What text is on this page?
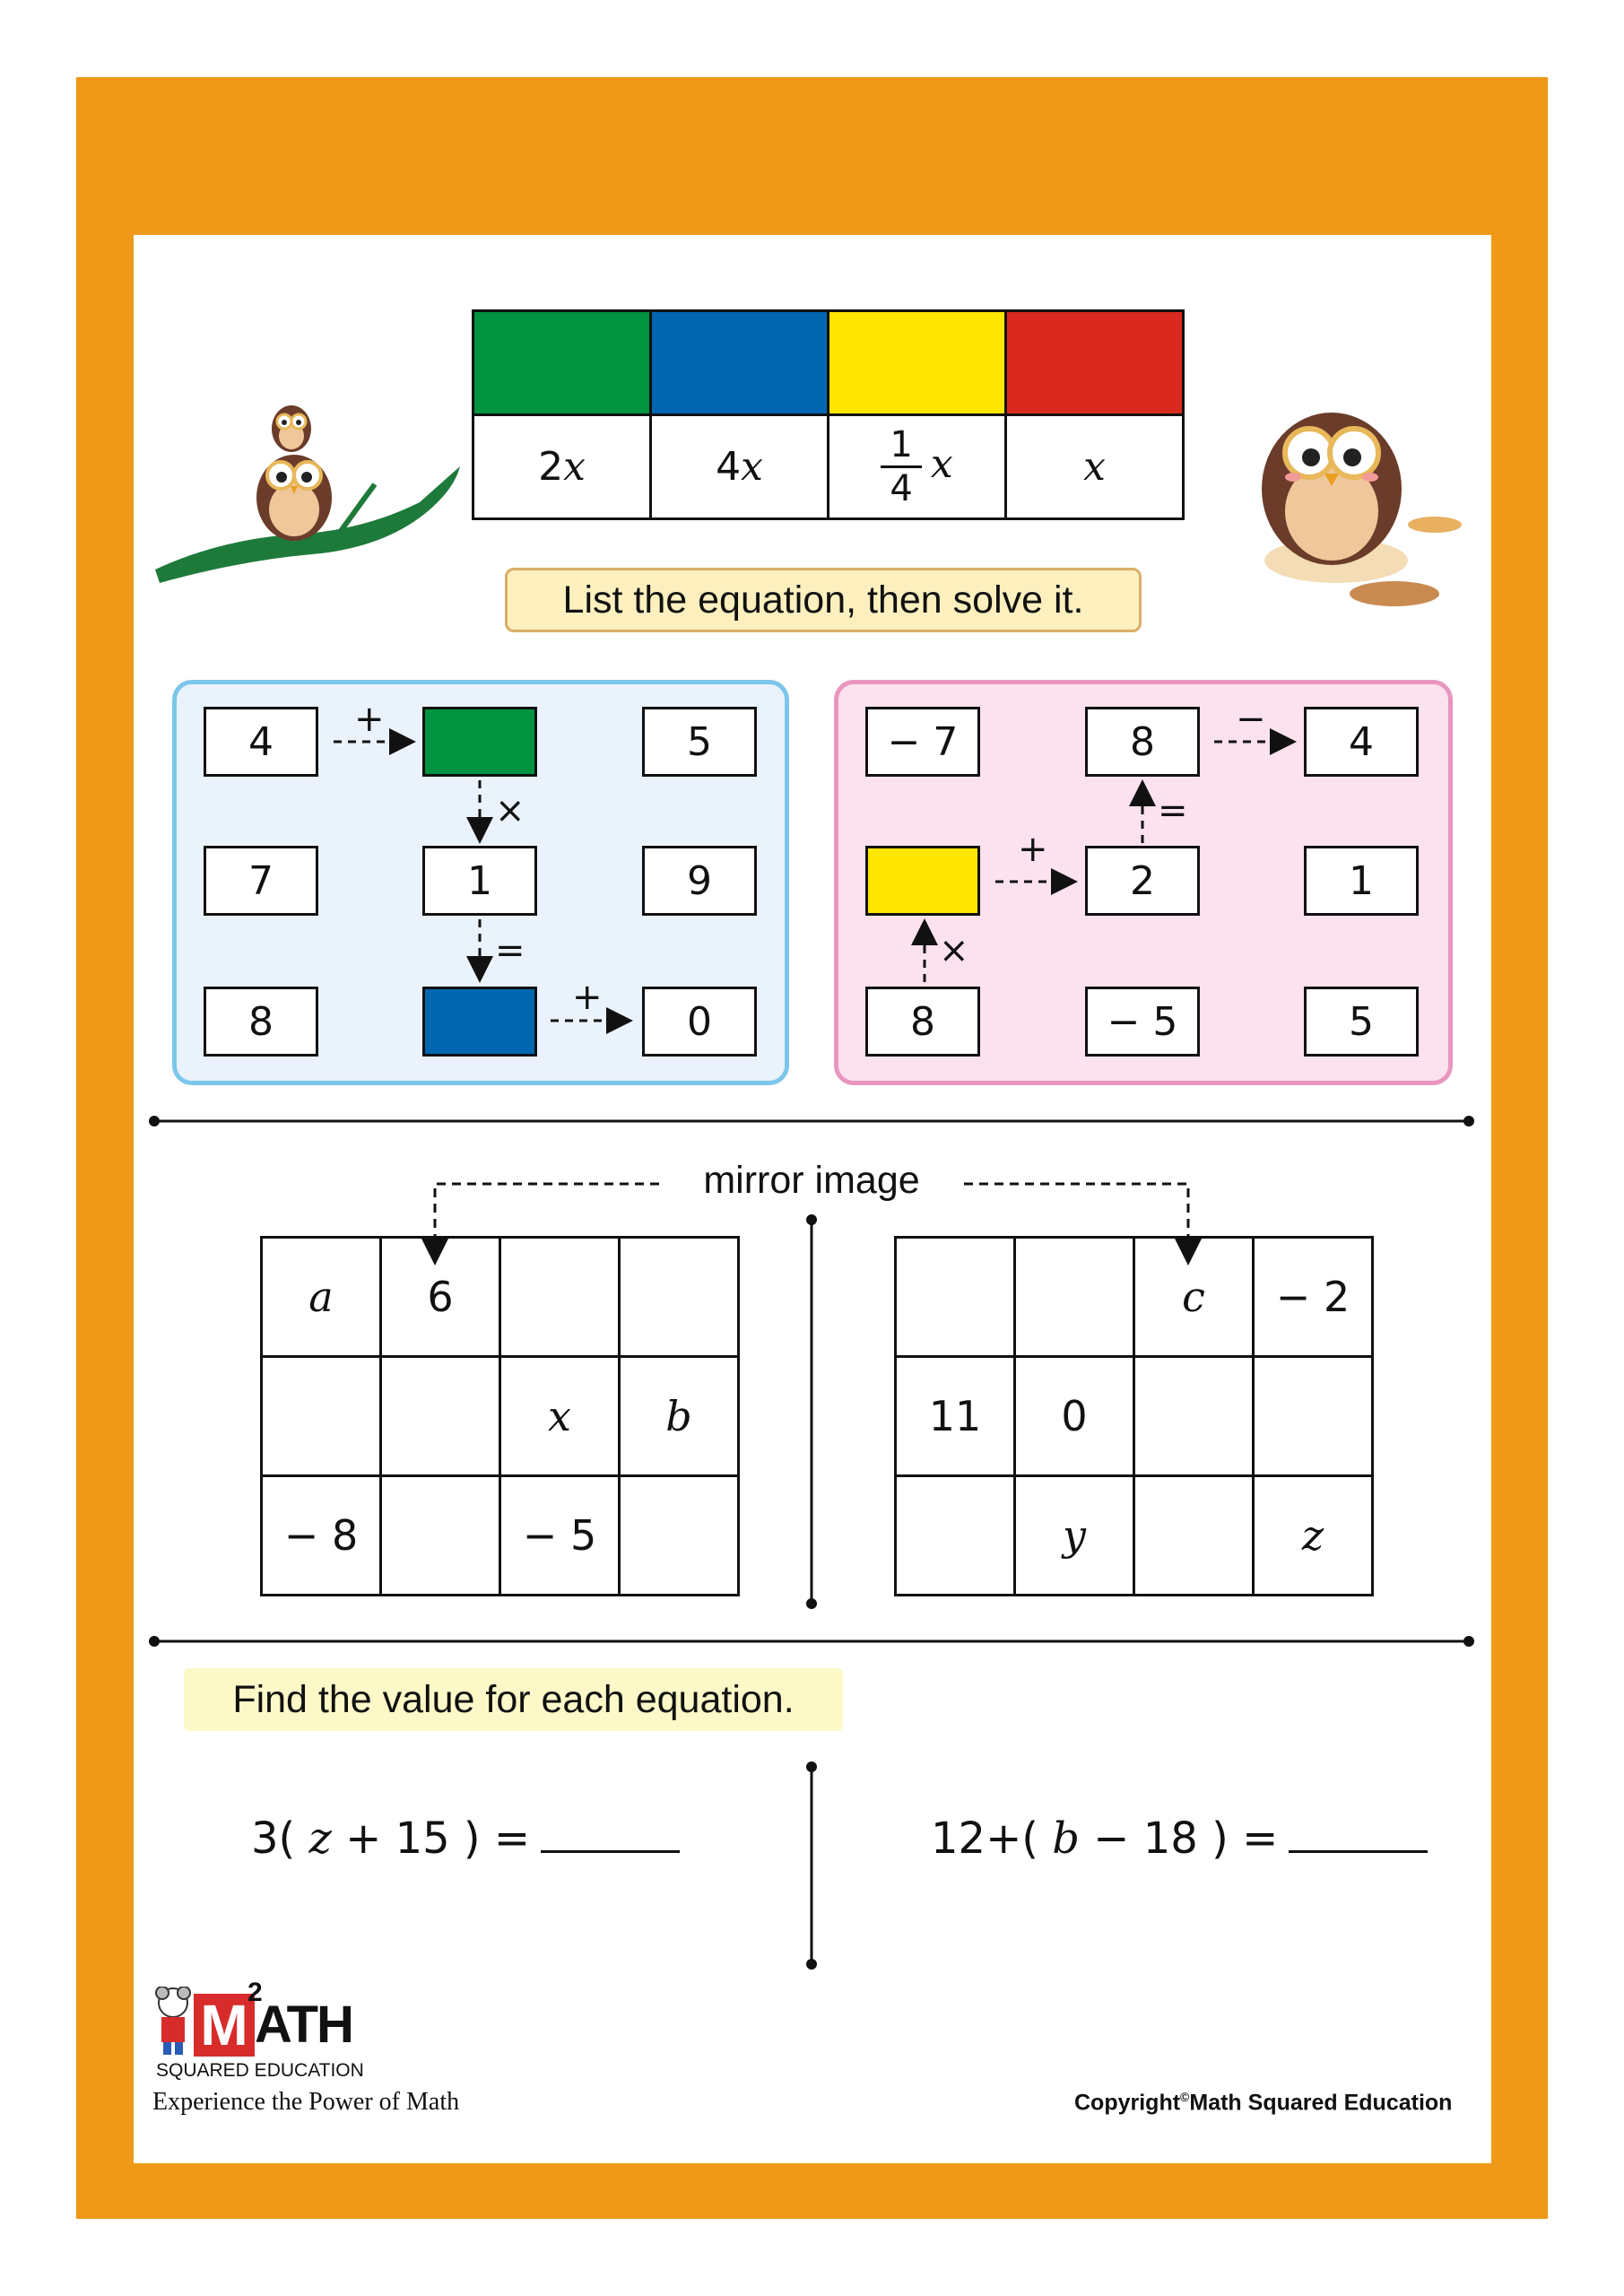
2x	4x	$\frac{1}{4}$ x	x
List the equation, then solve it.
4	5
7	1	9
8	0
− 7	8	4
2	1
8	− 5	5
+
×
=
+
−
=
+
×
mirror image
a	6		
		x	b
− 8		− 5	
		c	− 2
11	0		
	y		z
Find the value for each equation.
3( z + 15 ) =	12+( b − 18 ) =
M
2
ATH
SQUARED EDUCATION
Experience the Power of Math	Copyright©Math Squared Education
